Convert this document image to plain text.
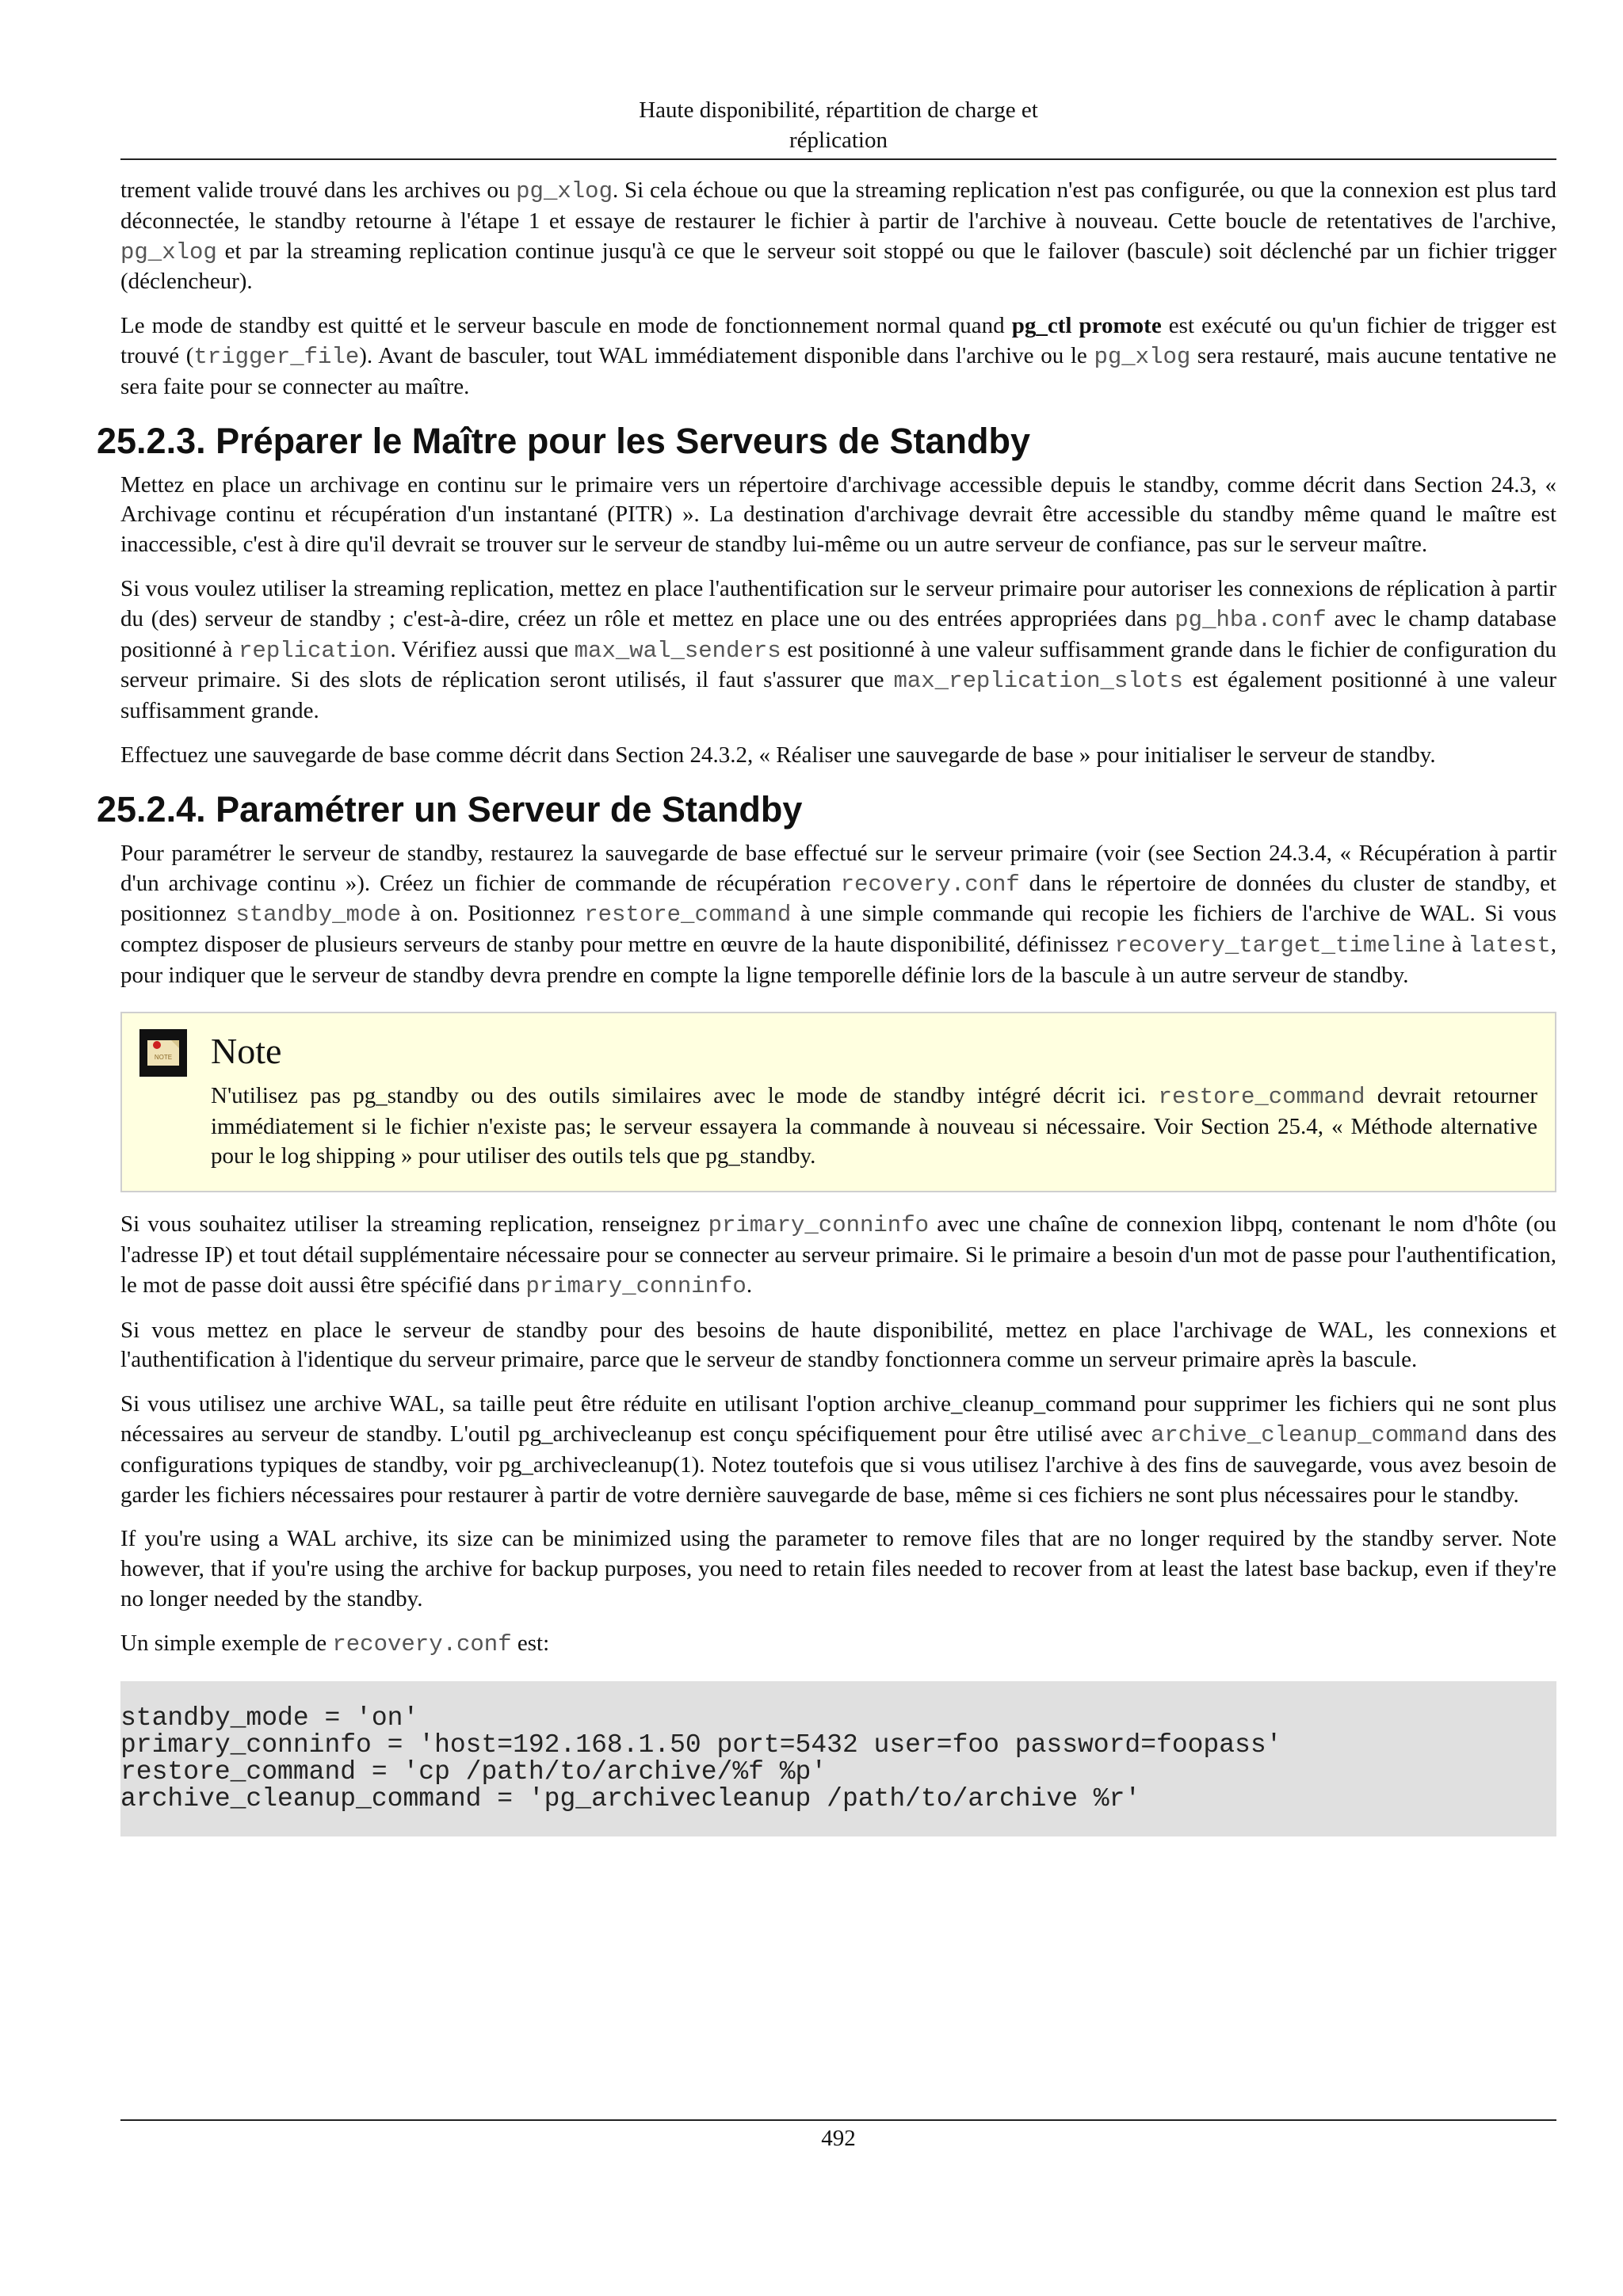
Haute disponibilité, répartition de charge et
réplication

trement valide trouvé dans les archives ou pg_xlog. Si cela échoue ou que la streaming replication n'est pas configurée, ou que la connexion est plus tard déconnectée, le standby retourne à l'étape 1 et essaye de restaurer le fichier à partir de l'archive à nouveau. Cette boucle de retentatives de l'archive, pg_xlog et par la streaming replication continue jusqu'à ce que le serveur soit stoppé ou que le failover (bascule) soit déclenché par un fichier trigger (déclencheur).

Le mode de standby est quitté et le serveur bascule en mode de fonctionnement normal quand pg_ctl promote est exécuté ou qu'un fichier de trigger est trouvé (trigger_file). Avant de basculer, tout WAL immédiatement disponible dans l'archive ou le pg_xlog sera restauré, mais aucune tentative ne sera faite pour se connecter au maître.

25.2.3. Préparer le Maître pour les Serveurs de Standby

Mettez en place un archivage en continu sur le primaire vers un répertoire d'archivage accessible depuis le standby, comme décrit dans Section 24.3, « Archivage continu et récupération d'un instantané (PITR) ». La destination d'archivage devrait être accessible du standby même quand le maître est inaccessible, c'est à dire qu'il devrait se trouver sur le serveur de standby lui-même ou un autre serveur de confiance, pas sur le serveur maître.

Si vous voulez utiliser la streaming replication, mettez en place l'authentification sur le serveur primaire pour autoriser les connexions de réplication à partir du (des) serveur de standby ; c'est-à-dire, créez un rôle et mettez en place une ou des entrées appropriées dans pg_hba.conf avec le champ database positionné à replication. Vérifiez aussi que max_wal_senders est positionné à une valeur suffisamment grande dans le fichier de configuration du serveur primaire. Si des slots de réplication seront utilisés, il faut s'assurer que max_replication_slots est également positionné à une valeur suffisamment grande.

Effectuez une sauvegarde de base comme décrit dans Section 24.3.2, « Réaliser une sauvegarde de base » pour initialiser le serveur de standby.

25.2.4. Paramétrer un Serveur de Standby

Pour paramétrer le serveur de standby, restaurez la sauvegarde de base effectué sur le serveur primaire (voir (see Section 24.3.4, « Récupération à partir d'un archivage continu »). Créez un fichier de commande de récupération recovery.conf dans le répertoire de données du cluster de standby, et positionnez standby_mode à on. Positionnez restore_command à une simple commande qui recopie les fichiers de l'archive de WAL. Si vous comptez disposer de plusieurs serveurs de stanby pour mettre en œuvre de la haute disponibilité, définissez recovery_target_timeline à latest, pour indiquer que le serveur de standby devra prendre en compte la ligne temporelle définie lors de la bascule à un autre serveur de standby.

NOTE Note

N'utilisez pas pg_standby ou des outils similaires avec le mode de standby intégré décrit ici. restore_command devrait retourner immédiatement si le fichier n'existe pas; le serveur essayera la commande à nouveau si nécessaire. Voir Section 25.4, « Méthode alternative pour le log shipping » pour utiliser des outils tels que pg_standby.

Si vous souhaitez utiliser la streaming replication, renseignez primary_conninfo avec une chaîne de connexion libpq, contenant le nom d'hôte (ou l'adresse IP) et tout détail supplémentaire nécessaire pour se connecter au serveur primaire. Si le primaire a besoin d'un mot de passe pour l'authentification, le mot de passe doit aussi être spécifié dans primary_conninfo.

Si vous mettez en place le serveur de standby pour des besoins de haute disponibilité, mettez en place l'archivage de WAL, les connexions et l'authentification à l'identique du serveur primaire, parce que le serveur de standby fonctionnera comme un serveur primaire après la bascule.

Si vous utilisez une archive WAL, sa taille peut être réduite en utilisant l'option archive_cleanup_command pour supprimer les fichiers qui ne sont plus nécessaires au serveur de standby. L'outil pg_archivecleanup est conçu spécifiquement pour être utilisé avec archive_cleanup_command dans des configurations typiques de standby, voir pg_archivecleanup(1). Notez toutefois que si vous utilisez l'archive à des fins de sauvegarde, vous avez besoin de garder les fichiers nécessaires pour restaurer à partir de votre dernière sauvegarde de base, même si ces fichiers ne sont plus nécessaires pour le standby.

If you're using a WAL archive, its size can be minimized using the parameter to remove files that are no longer required by the standby server. Note however, that if you're using the archive for backup purposes, you need to retain files needed to recover from at least the latest base backup, even if they're no longer needed by the standby.

Un simple exemple de recovery.conf est:

standby_mode = 'on'
primary_conninfo = 'host=192.168.1.50 port=5432 user=foo password=foopass'
restore_command = 'cp /path/to/archive/%f %p'
archive_cleanup_command = 'pg_archivecleanup /path/to/archive %r'
492
